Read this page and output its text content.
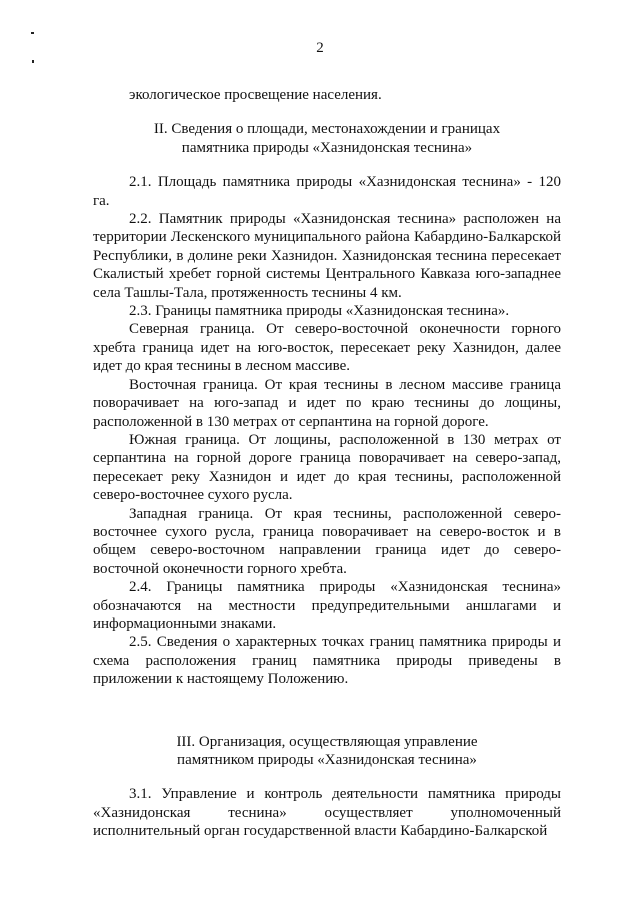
2

экологическое просвещение населения.

II. Сведения о площади, местонахождении и границах

памятника природы «Хазнидонская теснина»

2.1. Площадь памятника природы «Хазнидонская теснина» - 120 га.

2.2. Памятник природы «Хазнидонская теснина» расположен на территории Лескенского муниципального района Кабардино-Балкарской Республики, в долине реки Хазнидон. Хазнидонская теснина пересекает Скалистый хребет горной системы Центрального Кавказа юго-западнее села Ташлы-Тала, протяженность теснины 4 км.

2.3. Границы памятника природы «Хазнидонская теснина».

Северная граница. От северо-восточной оконечности горного хребта граница идет на юго-восток, пересекает реку Хазнидон, далее идет до края теснины в лесном массиве.

Восточная граница. От края теснины в лесном массиве граница поворачивает на юго-запад и идет по краю теснины до лощины, расположенной в 130 метрах от серпантина на горной дороге.

Южная граница. От лощины, расположенной в 130 метрах от серпантина на горной дороге граница поворачивает на северо-запад, пересекает реку Хазнидон и идет до края теснины, расположенной северо-восточнее сухого русла.

Западная граница. От края теснины, расположенной северо-восточнее сухого русла, граница поворачивает на северо-восток и в общем северо-восточном направлении граница идет до северо-восточной оконечности горного хребта.

2.4. Границы памятника природы «Хазнидонская теснина» обозначаются на местности предупредительными аншлагами и информационными знаками.

2.5. Сведения о характерных точках границ памятника природы и схема расположения границ памятника природы приведены в приложении к настоящему Положению.

III. Организация, осуществляющая управление

памятником природы «Хазнидонская теснина»

3.1. Управление и контроль деятельности памятника природы «Хазнидонская теснина» осуществляет уполномоченный исполнительный орган государственной власти Кабардино-Балкарской
